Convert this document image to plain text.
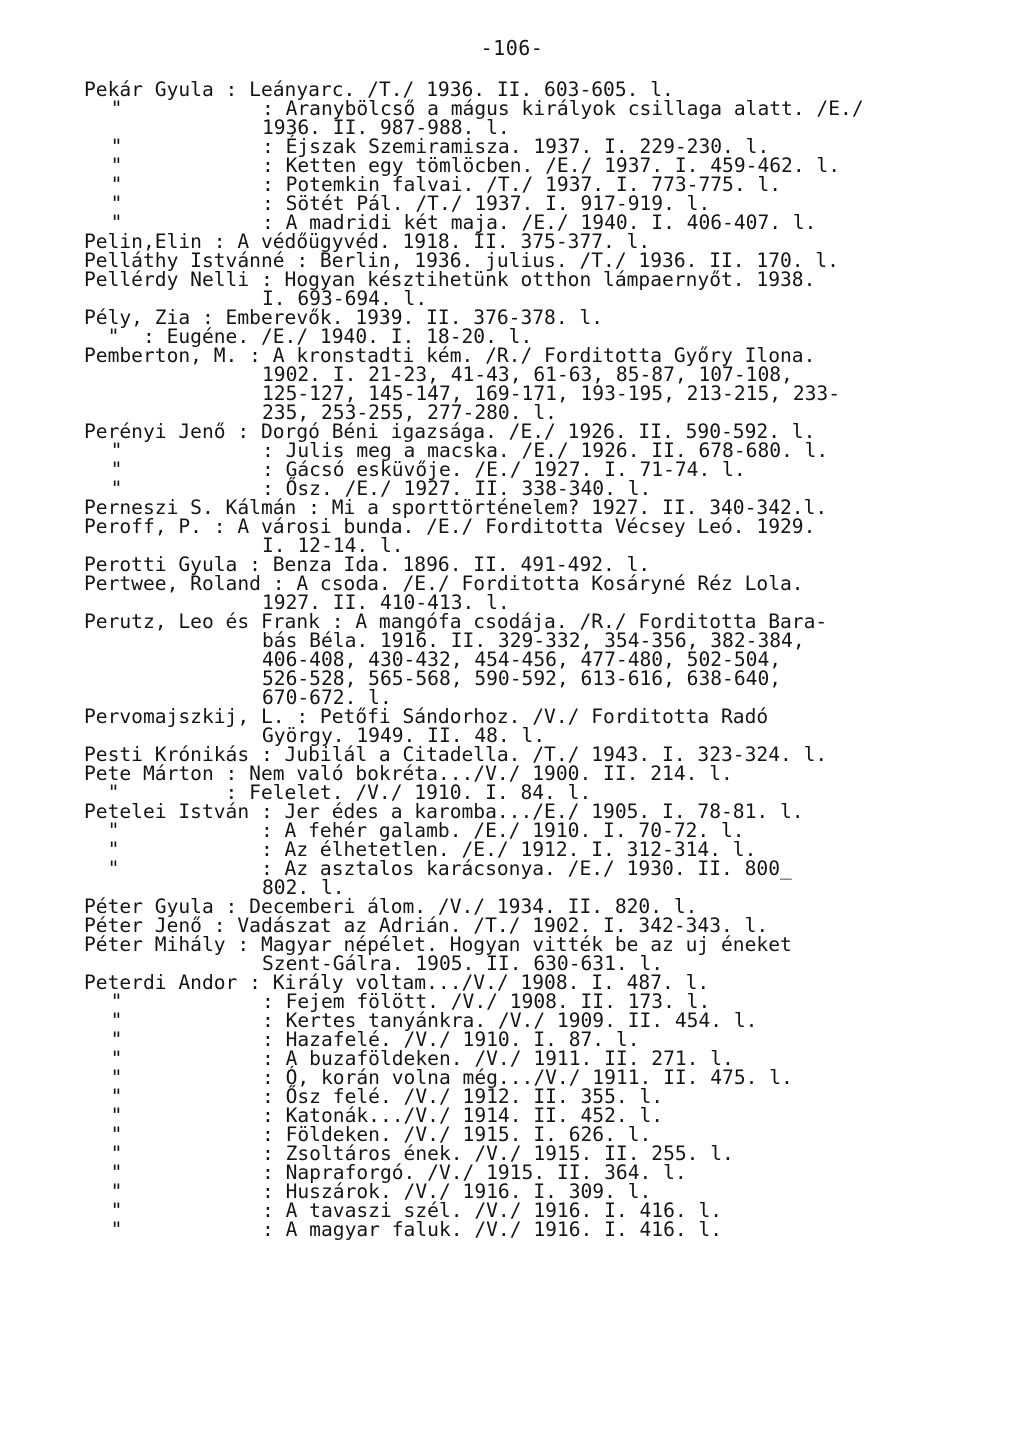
-106-
Pekár Gyula : Leányarc. /T./ 1936. II. 603-605. l.
"	: Aranybölcső a mágus királyok csillaga alatt. /E./
1936. II. 987-988. l.
"	: Éjszak Szemiramisza. 1937. I. 229-230. l.
"	: Ketten egy tömlöcben. /E./ 1937. I. 459-462. l.
"	: Potemkin falvai. /T./ 1937. I. 773-775. l.
"	: Sötét Pál. /T./ 1937. I. 917-919. l.
"	: A madridi két maja. /E./ 1940. I. 406-407. l.
Pelin,Elin : A védőügyvéd. 1918. II. 375-377. l.
Pelláthy Istvánné : Berlin, 1936. julius. /T./ 1936. II. 170. l.
Pellérdy Nelli : Hogyan késztihetünk otthon lámpaernyőt. 1938.
I. 693-694. l.
Pély, Zia : Emberevők. 1939. II. 376-378. l.
"  : Eugéne. /E./ 1940. I. 18-20. l.
Pemberton, M. : A kronstadti kém. /R./ Forditotta Győry Ilona.
1902. I. 21-23, 41-43, 61-63, 85-87, 107-108,
125-127, 145-147, 169-171, 193-195, 213-215, 233-
235, 253-255, 277-280. l.
Perényi Jenő : Dorgó Béni igazsága. /E./ 1926. II. 590-592. l.
"	: Julis meg a macska. /E./ 1926. II. 678-680. l.
"	: Gácsó esküvője. /E./ 1927. I. 71-74. l.
"	: Ősz. /E./ 1927. II. 338-340. l.
Perneszi S. Kálmán : Mi a sporttörténelem? 1927. II. 340-342.l.
Peroff, P. : A városi bunda. /E./ Forditotta Vécsey Leó. 1929.
I. 12-14. l.
Perotti Gyula : Benza Ida. 1896. II. 491-492. l.
Pertwee, Roland : A csoda. /E./ Forditotta Kosáryné Réz Lola.
1927. II. 410-413. l.
Perutz, Leo és Frank : A mangófa csodája. /R./ Forditotta Bara-
bás Béla. 1916. II. 329-332, 354-356, 382-384,
406-408, 430-432, 454-456, 477-480, 502-504,
526-528, 565-568, 590-592, 613-616, 638-640,
670-672. l.
Pervomajszkij, L. : Petőfi Sándorhoz. /V./ Forditotta Radó
György. 1949. II. 48. l.
Pesti Krónikás : Jubilál a Citadella. /T./ 1943. I. 323-324. l.
Pete Márton : Nem való bokréta.../V./ 1900. II. 214. l.
"         : Felelet. /V./ 1910. I. 84. l.
Petelei István : Jer édes a karomba.../E./ 1905. I. 78-81. l.
"            : A fehér galamb. /E./ 1910. I. 70-72. l.
"            : Az élhetetlen. /E./ 1912. I. 312-314. l.
"            : Az asztalos karácsonya. /E./ 1930. II. 800_
802. l.
Péter Gyula : Decemberi álom. /V./ 1934. II. 820. l.
Péter Jenő : Vadászat az Adrián. /T./ 1902. I. 342-343. l.
Péter Mihály : Magyar népélet. Hogyan vitték be az uj éneket
Szent-Gálra. 1905. II. 630-631. l.
Peterdi Andor : Király voltam.../V./ 1908. I. 487. l.
"	: Fejem fölött. /V./ 1908. II. 173. l.
"	: Kertes tanyánkra. /V./ 1909. II. 454. l.
"	: Hazafelé. /V./ 1910. I. 87. l.
"	: A buzaföldeken. /V./ 1911. II. 271. l.
"	: Ó, korán volna még.../V./ 1911. II. 475. l.
"	: Ősz felé. /V./ 1912. II. 355. l.
"	: Katonák.../V./ 1914. II. 452. l.
"	: Földeken. /V./ 1915. I. 626. l.
"	: Zsoltáros ének. /V./ 1915. II. 255. l.
"	: Napraforgó. /V./ 1915. II. 364. l.
"	: Huszárok. /V./ 1916. I. 309. l.
"	: A tavaszi szél. /V./ 1916. I. 416. l.
"	: A magyar faluk. /V./ 1916. I. 416. l.
